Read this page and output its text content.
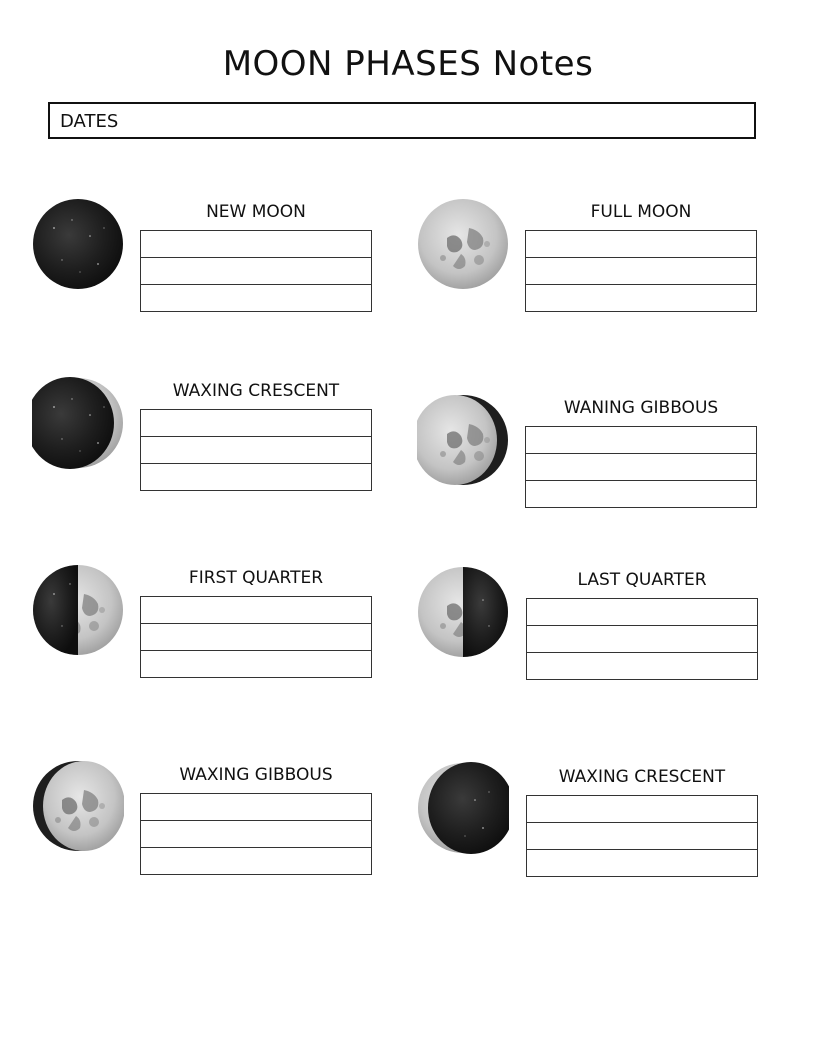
MOON PHASES Notes
DATES
NEW MOON	FULL MOON
WAXING CRESCENT
WANING GIBBOUS
FIRST QUARTER	LAST QUARTER
WAXING GIBBOUS	WAXING CRESCENT
